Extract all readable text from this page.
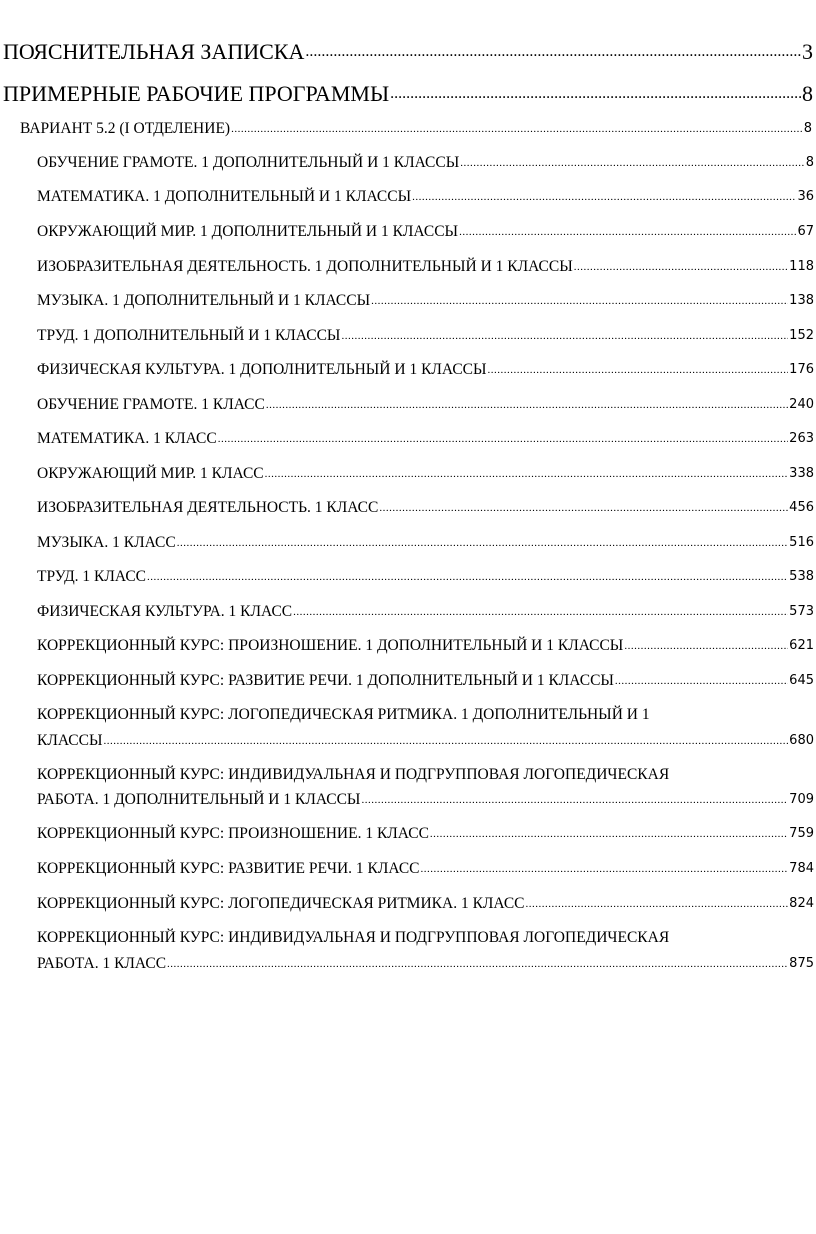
ПОЯСНИТЕЛЬНАЯ ЗАПИСКА .....	3
ПРИМЕРНЫЕ РАБОЧИЕ ПРОГРАММЫ .....	8
ВАРИАНТ 5.2 (I ОТДЕЛЕНИЕ) .....	8
ОБУЧЕНИЕ ГРАМОТЕ. 1 ДОПОЛНИТЕЛЬНЫЙ И 1 КЛАССЫ .....	8
МАТЕМАТИКА. 1 ДОПОЛНИТЕЛЬНЫЙ И 1 КЛАССЫ .....	36
ОКРУЖАЮЩИЙ МИР. 1 ДОПОЛНИТЕЛЬНЫЙ И 1 КЛАССЫ .....	67
ИЗОБРАЗИТЕЛЬНАЯ ДЕЯТЕЛЬНОСТЬ. 1 ДОПОЛНИТЕЛЬНЫЙ И 1 КЛАССЫ .....	118
МУЗЫКА. 1 ДОПОЛНИТЕЛЬНЫЙ И 1 КЛАССЫ .....	138
ТРУД. 1 ДОПОЛНИТЕЛЬНЫЙ И 1 КЛАССЫ .....	152
ФИЗИЧЕСКАЯ КУЛЬТУРА. 1 ДОПОЛНИТЕЛЬНЫЙ И 1 КЛАССЫ .....	176
ОБУЧЕНИЕ ГРАМОТЕ. 1 КЛАСС .....	240
МАТЕМАТИКА. 1 КЛАСС .....	263
ОКРУЖАЮЩИЙ МИР. 1 КЛАСС .....	338
ИЗОБРАЗИТЕЛЬНАЯ ДЕЯТЕЛЬНОСТЬ. 1 КЛАСС .....	456
МУЗЫКА. 1 КЛАСС .....	516
ТРУД. 1 КЛАСС .....	538
ФИЗИЧЕСКАЯ КУЛЬТУРА. 1 КЛАСС .....	573
КОРРЕКЦИОННЫЙ КУРС: ПРОИЗНОШЕНИЕ. 1 ДОПОЛНИТЕЛЬНЫЙ И 1 КЛАССЫ .....	621
КОРРЕКЦИОННЫЙ КУРС: РАЗВИТИЕ РЕЧИ. 1 ДОПОЛНИТЕЛЬНЫЙ И 1 КЛАССЫ .....	645
КОРРЕКЦИОННЫЙ КУРС: ЛОГОПЕДИЧЕСКАЯ РИТМИКА. 1 ДОПОЛНИТЕЛЬНЫЙ И 1
КЛАССЫ .....	680
КОРРЕКЦИОННЫЙ КУРС: ИНДИВИДУАЛЬНАЯ И ПОДГРУППОВАЯ ЛОГОПЕДИЧЕСКАЯ
РАБОТА. 1 ДОПОЛНИТЕЛЬНЫЙ И 1 КЛАССЫ .....	709
КОРРЕКЦИОННЫЙ КУРС: ПРОИЗНОШЕНИЕ. 1 КЛАСС .....	759
КОРРЕКЦИОННЫЙ КУРС: РАЗВИТИЕ РЕЧИ. 1 КЛАСС .....	784
КОРРЕКЦИОННЫЙ КУРС: ЛОГОПЕДИЧЕСКАЯ РИТМИКА. 1 КЛАСС .....	824
КОРРЕКЦИОННЫЙ КУРС: ИНДИВИДУАЛЬНАЯ И ПОДГРУППОВАЯ ЛОГОПЕДИЧЕСКАЯ
РАБОТА. 1 КЛАСС .....	875
